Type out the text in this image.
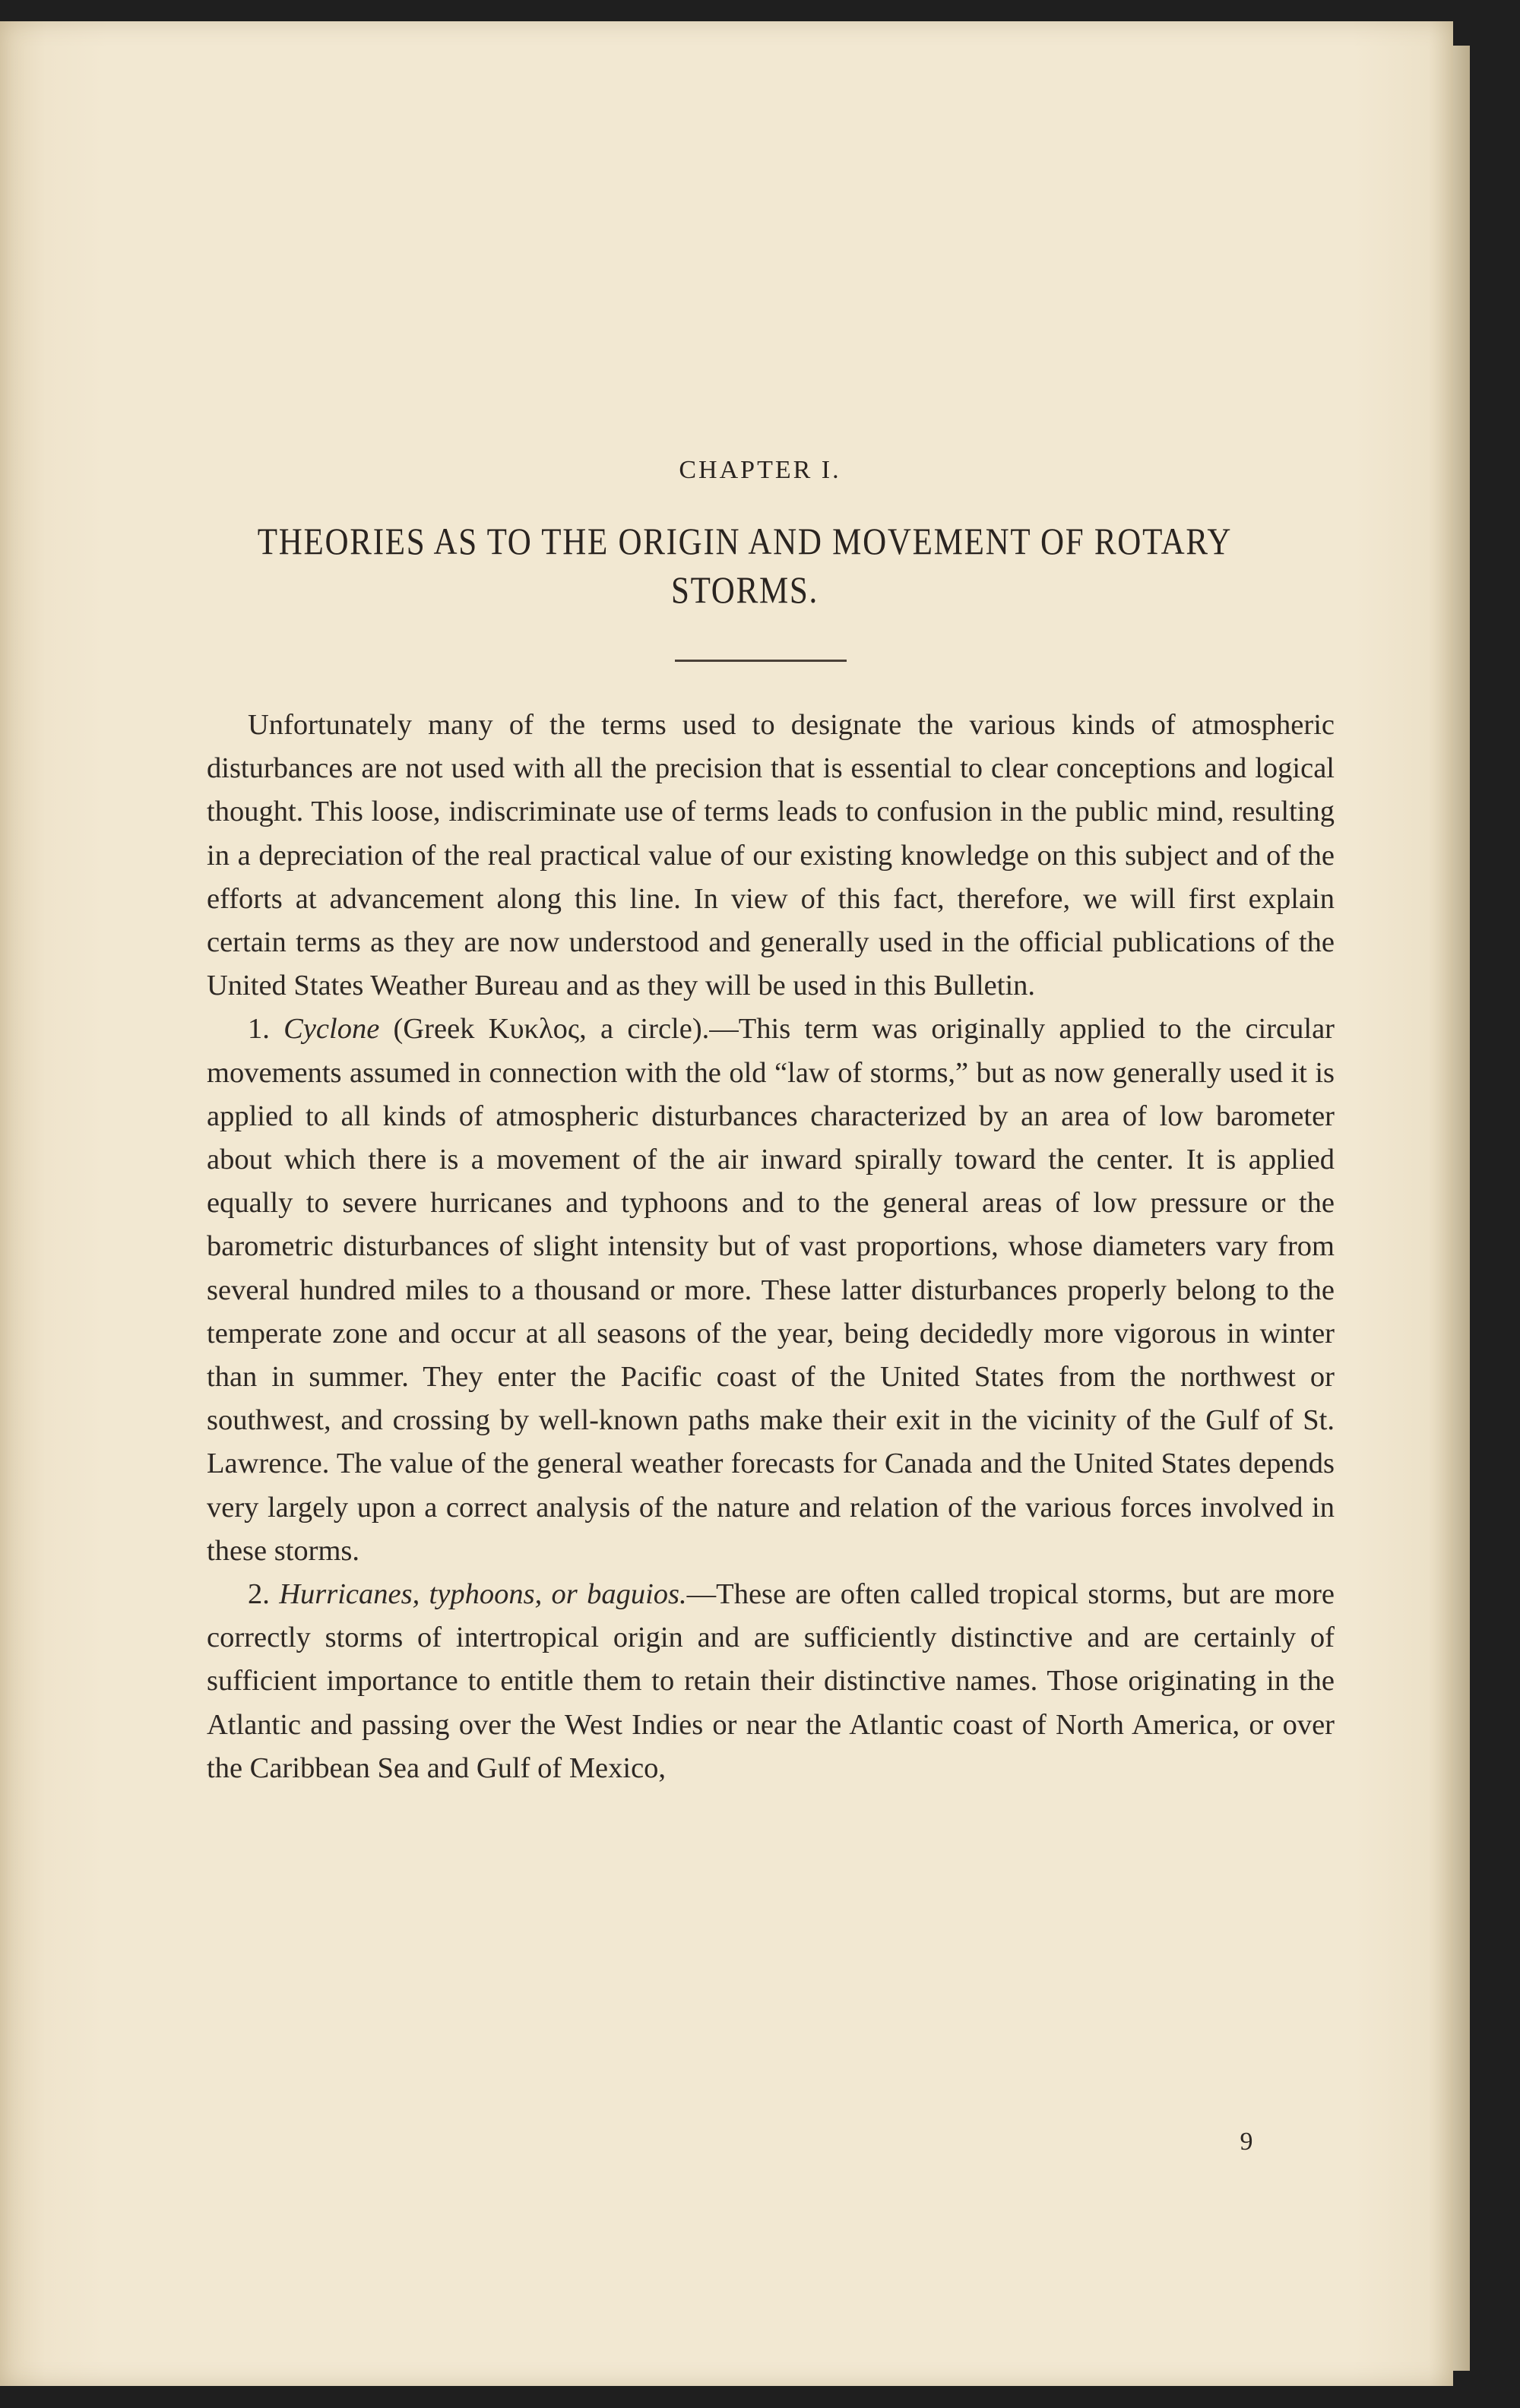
CHAPTER I.
THEORIES AS TO THE ORIGIN AND MOVEMENT OF ROTARY STORMS.

Unfortunately many of the terms used to designate the various kinds of atmospheric disturbances are not used with all the precision that is essential to clear conceptions and logical thought. This loose, indiscriminate use of terms leads to confusion in the public mind, resulting in a depreciation of the real practical value of our existing knowledge on this subject and of the efforts at advancement along this line. In view of this fact, therefore, we will first explain certain terms as they are now understood and generally used in the official publications of the United States Weather Bureau and as they will be used in this Bulletin.

1. Cyclone (Greek Κυκλος, a circle).—This term was originally applied to the circular movements assumed in connection with the old “law of storms,” but as now generally used it is applied to all kinds of atmospheric disturbances characterized by an area of low barometer about which there is a movement of the air inward spirally toward the center. It is applied equally to severe hurricanes and typhoons and to the general areas of low pressure or the barometric disturbances of slight intensity but of vast proportions, whose diameters vary from several hundred miles to a thousand or more. These latter disturbances properly belong to the temperate zone and occur at all seasons of the year, being decidedly more vigorous in winter than in summer. They enter the Pacific coast of the United States from the northwest or southwest, and crossing by well-known paths make their exit in the vicinity of the Gulf of St. Lawrence. The value of the general weather forecasts for Canada and the United States depends very largely upon a correct analysis of the nature and relation of the various forces involved in these storms.

2. Hurricanes, typhoons, or baguios.—These are often called tropical storms, but are more correctly storms of intertropical origin and are sufficiently distinctive and are certainly of sufficient importance to entitle them to retain their distinctive names. Those originating in the Atlantic and passing over the West Indies or near the Atlantic coast of North America, or over the Caribbean Sea and Gulf of Mexico,

9
